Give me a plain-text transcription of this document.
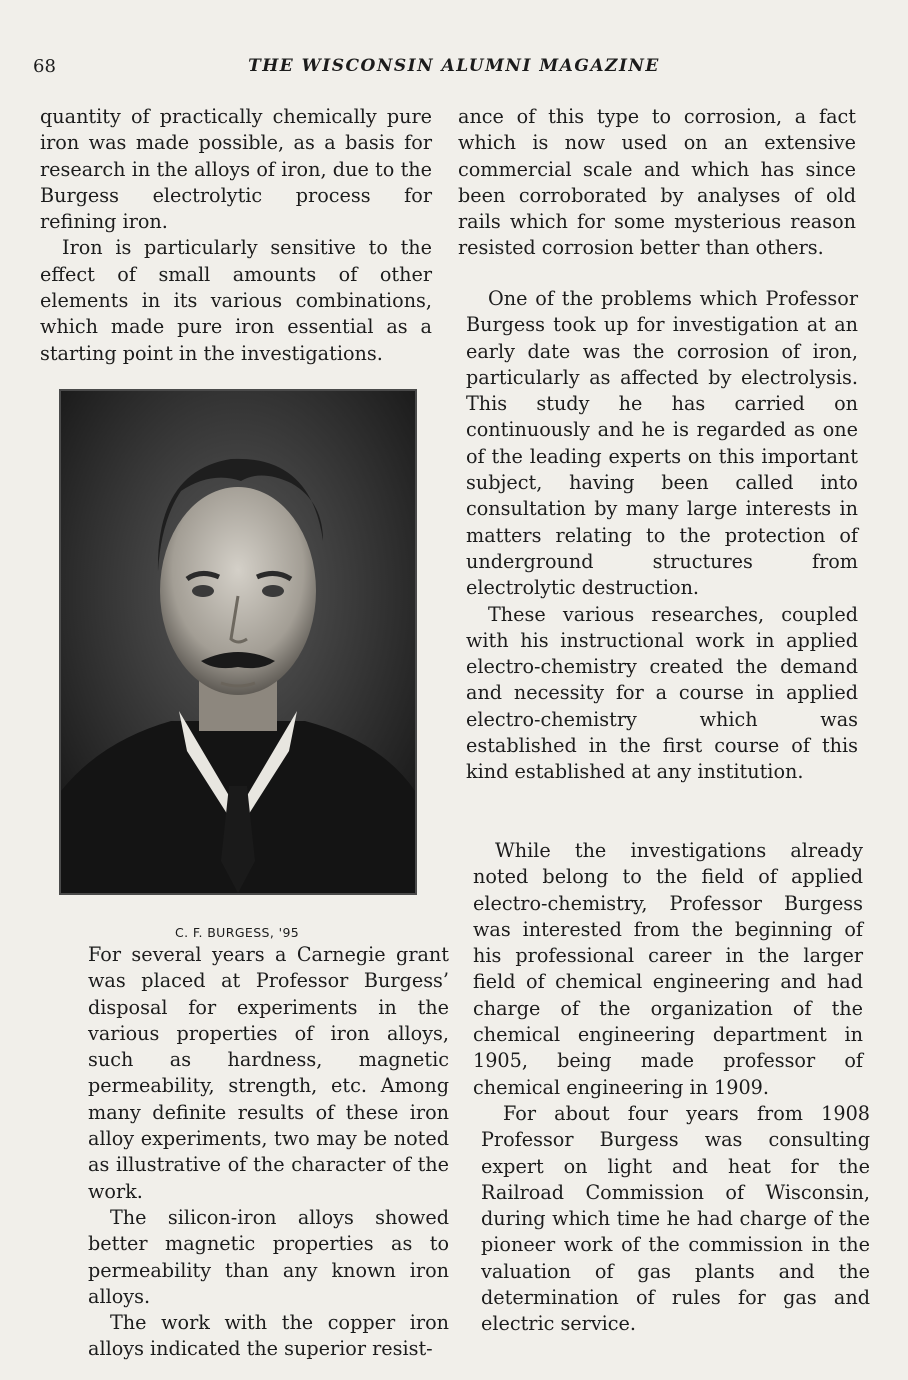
68	THE WISCONSIN ALUMNI MAGAZINE

quantity of practically chemically pure iron was made possible, as a basis for research in the alloys of iron, due to the Burgess electrolytic process for refining iron.

Iron is particularly sensitive to the effect of small amounts of other elements in its various combinations, which made pure iron essential as a starting point in the investigations.

C. F. BURGESS, '95

For several years a Carnegie grant was placed at Professor Burgess’ disposal for experiments in the various properties of iron alloys, such as hardness, magnetic permeability, strength, etc. Among many definite results of these iron alloy experiments, two may be noted as illustrative of the character of the work.

The silicon-iron alloys showed better magnetic properties as to permeability than any known iron alloys.

The work with the copper iron alloys indicated the superior resist-

ance of this type to corrosion, a fact which is now used on an extensive commercial scale and which has since been corroborated by analyses of old rails which for some mysterious reason resisted corrosion better than others.

One of the problems which Professor Burgess took up for investigation at an early date was the corrosion of iron, particularly as affected by electrolysis. This study he has carried on continuously and he is regarded as one of the leading experts on this important subject, having been called into consultation by many large interests in matters relating to the protection of underground structures from electrolytic destruction.

These various researches, coupled with his instructional work in applied electro-chemistry created the demand and necessity for a course in applied electro-chemistry which was established in the first course of this kind established at any institution.

While the investigations already noted belong to the field of applied electro-chemistry, Professor Burgess was interested from the beginning of his professional career in the larger field of chemical engineering and had charge of the organization of the chemical engineering department in 1905, being made professor of chemical engineering in 1909.

For about four years from 1908 Professor Burgess was consulting expert on light and heat for the Railroad Commission of Wisconsin, during which time he had charge of the pioneer work of the commission in the valuation of gas plants and the determination of rules for gas and electric service.
